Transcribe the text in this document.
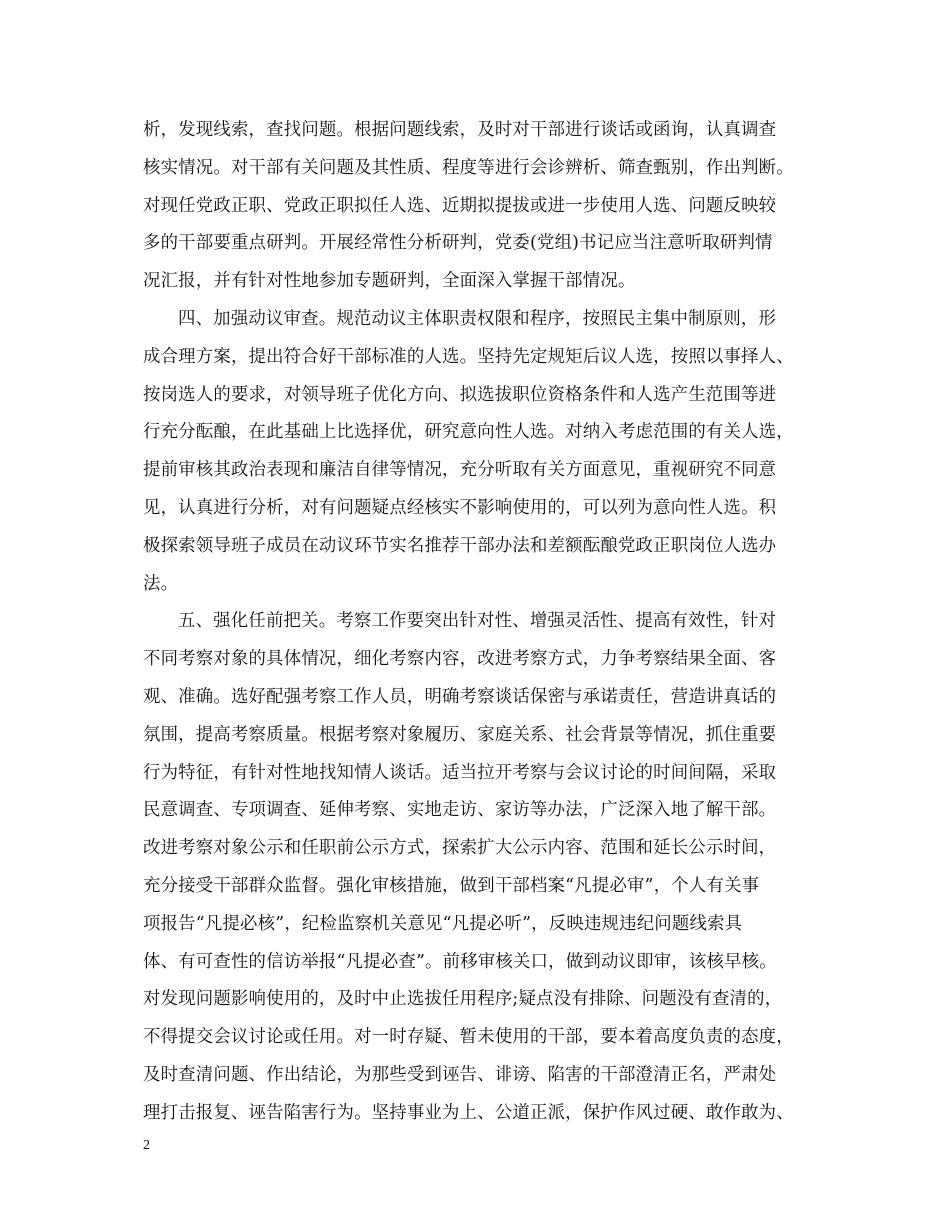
析，发现线索，查找问题。根据问题线索，及时对干部进行谈话或函询，认真调查
核实情况。对干部有关问题及其性质、程度等进行会诊辨析、筛查甄别，作出判断。
对现任党政正职、党政正职拟任人选、近期拟提拔或进一步使用人选、问题反映较
多的干部要重点研判。开展经常性分析研判，党委(党组)书记应当注意听取研判情
况汇报，并有针对性地参加专题研判，全面深入掌握干部情况。
四、加强动议审查。规范动议主体职责权限和程序，按照民主集中制原则，形
成合理方案，提出符合好干部标准的人选。坚持先定规矩后议人选，按照以事择人、
按岗选人的要求，对领导班子优化方向、拟选拔职位资格条件和人选产生范围等进
行充分酝酿，在此基础上比选择优，研究意向性人选。对纳入考虑范围的有关人选，
提前审核其政治表现和廉洁自律等情况，充分听取有关方面意见，重视研究不同意
见，认真进行分析，对有问题疑点经核实不影响使用的，可以列为意向性人选。积
极探索领导班子成员在动议环节实名推荐干部办法和差额酝酿党政正职岗位人选办
法。
五、强化任前把关。考察工作要突出针对性、增强灵活性、提高有效性，针对
不同考察对象的具体情况，细化考察内容，改进考察方式，力争考察结果全面、客
观、准确。选好配强考察工作人员，明确考察谈话保密与承诺责任，营造讲真话的
氛围，提高考察质量。根据考察对象履历、家庭关系、社会背景等情况，抓住重要
行为特征，有针对性地找知情人谈话。适当拉开考察与会议讨论的时间间隔，采取
民意调查、专项调查、延伸考察、实地走访、家访等办法，广泛深入地了解干部。
改进考察对象公示和任职前公示方式，探索扩大公示内容、范围和延长公示时间，
充分接受干部群众监督。强化审核措施，做到干部档案“凡提必审”，个人有关事
项报告“凡提必核”，纪检监察机关意见“凡提必听”，反映违规违纪问题线索具
体、有可查性的信访举报“凡提必查”。前移审核关口，做到动议即审，该核早核。
对发现问题影响使用的，及时中止选拔任用程序;疑点没有排除、问题没有查清的，
不得提交会议讨论或任用。对一时存疑、暂未使用的干部，要本着高度负责的态度，
及时查清问题、作出结论，为那些受到诬告、诽谤、陷害的干部澄清正名，严肃处
理打击报复、诬告陷害行为。坚持事业为上、公道正派，保护作风过硬、敢作敢为、
2
